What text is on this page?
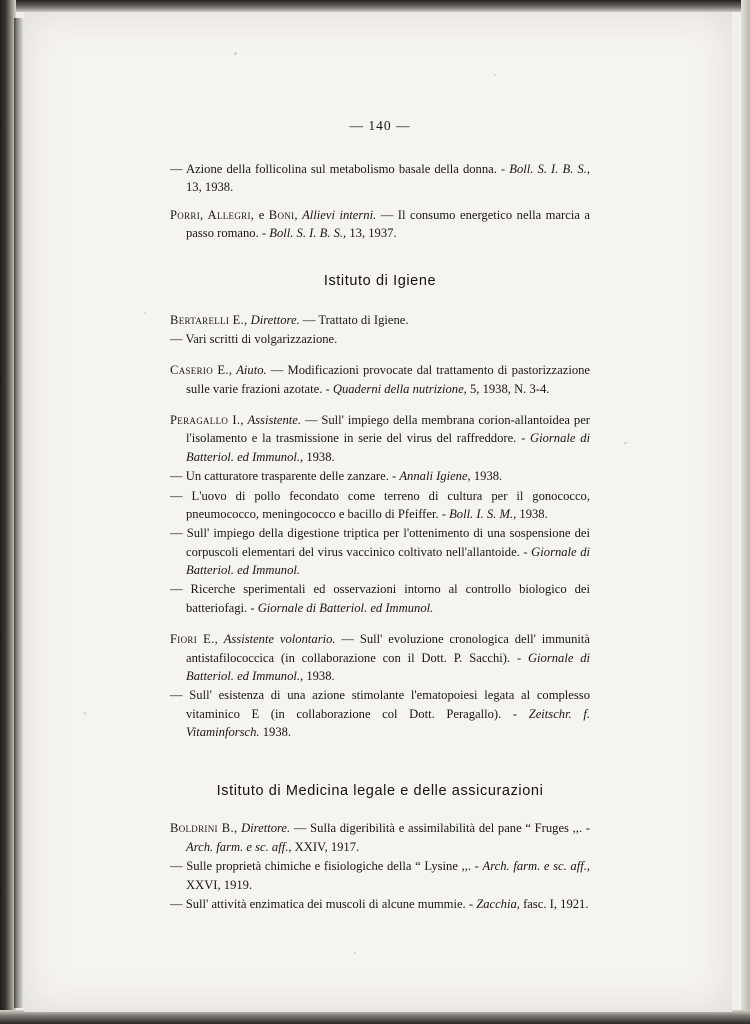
— 140 —
— Azione della follicolina sul metabolismo basale della donna. - Boll. S. I. B. S., 13, 1938.
Porri, Allegri, e Boni, Allievi interni. — Il consumo energetico nella marcia a passo romano. - Boll. S. I. B. S., 13, 1937.
Istituto di Igiene
Bertarelli E., Direttore. — Trattato di Igiene.
— Vari scritti di volgarizzazione.
Caserio E., Aiuto. — Modificazioni provocate dal trattamento di pastorizzazione sulle varie frazioni azotate. - Quaderni della nutrizione, 5, 1938, N. 3-4.
Peragallo I., Assistente. — Sull' impiego della membrana corion-allantoidea per l'isolamento e la trasmissione in serie del virus del raffreddore. - Giornale di Batteriol. ed Immunol., 1938.
— Un catturatore trasparente delle zanzare. - Annali Igiene, 1938.
— L'uovo di pollo fecondato come terreno di cultura per il gonococco, pneumococco, meningococco e bacillo di Pfeiffer. - Boll. I. S. M., 1938.
— Sull' impiego della digestione triptica per l'ottenimento di una sospensione dei corpuscoli elementari del virus vaccinico coltivato nell'allantoide. - Giornale di Batteriol. ed Immunol.
— Ricerche sperimentali ed osservazioni intorno al controllo biologico dei batteriofagi. - Giornale di Batteriol. ed Immunol.
Fiori E., Assistente volontario. — Sull' evoluzione cronologica dell' immunità antistafilococcica (in collaborazione con il Dott. P. Sacchi). - Giornale di Batteriol. ed Immunol., 1938.
— Sull' esistenza di una azione stimolante l'ematopoiesi legata al complesso vitaminico E (in collaborazione col Dott. Peragallo). - Zeitschr. f. Vitaminforsch. 1938.
Istituto di Medicina legale e delle assicurazioni
Boldrini B., Direttore. — Sulla digeribilità e assimilabilità del pane “ Fruges ,,. - Arch. farm. e sc. aff., XXIV, 1917.
— Sulle proprietà chimiche e fisiologiche della “ Lysine ,,. - Arch. farm. e sc. aff., XXVI, 1919.
— Sull' attività enzimatica dei muscoli di alcune mummie. - Zacchia, fasc. I, 1921.
